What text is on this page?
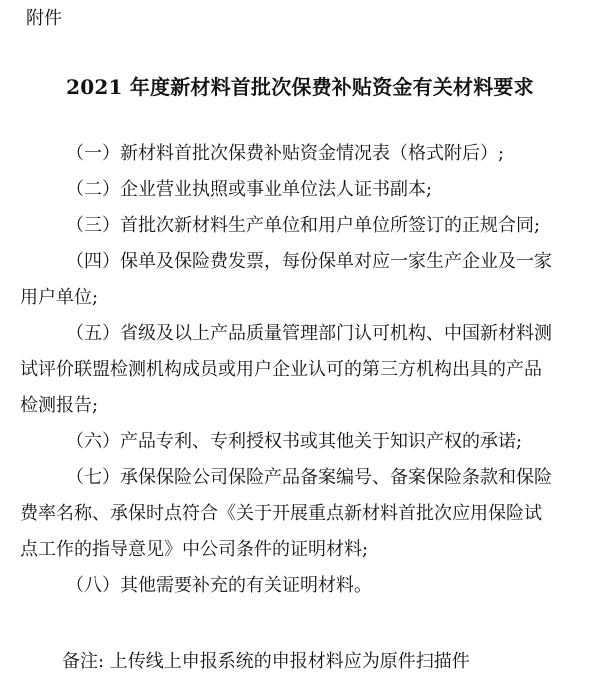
附件
2021 年度新材料首批次保费补贴资金有关材料要求

（一）新材料首批次保费补贴资金情况表（格式附后）;

（二）企业营业执照或事业单位法人证书副本;

（三）首批次新材料生产单位和用户单位所签订的正规合同;

（四）保单及保险费发票，每份保单对应一家生产企业及一家
用户单位;

（五）省级及以上产品质量管理部门认可机构、中国新材料测
试评价联盟检测机构成员或用户企业认可的第三方机构出具的产品
检测报告;

（六）产品专利、专利授权书或其他关于知识产权的承诺;

（七）承保保险公司保险产品备案编号、备案保险条款和保险
费率名称、承保时点符合《关于开展重点新材料首批次应用保险试
点工作的指导意见》中公司条件的证明材料;

（八）其他需要补充的有关证明材料。

备注: 上传线上申报系统的申报材料应为原件扫描件
